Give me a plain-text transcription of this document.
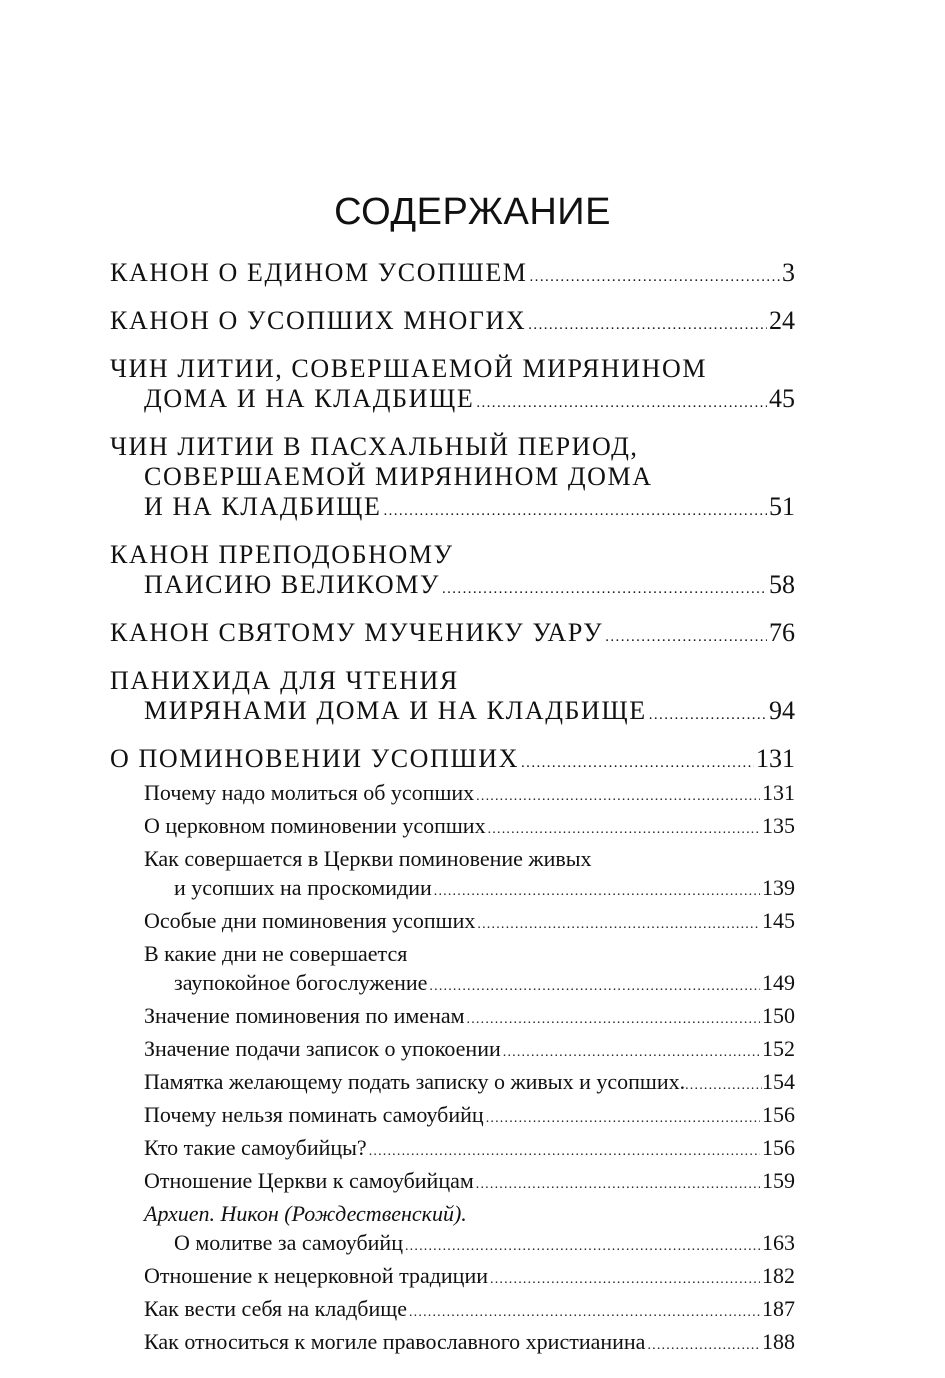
СОДЕРЖАНИЕ
КАНОН О ЕДИНОМ УСОПШЕМ .....	3
КАНОН О УСОПШИХ МНОГИХ .....	24
ЧИН ЛИТИИ, СОВЕРШАЕМОЙ МИРЯНИНОМ
ДОМА И НА КЛАДБИЩЕ .....	45
ЧИН ЛИТИИ В ПАСХАЛЬНЫЙ ПЕРИОД,
СОВЕРШАЕМОЙ МИРЯНИНОМ ДОМА
И НА КЛАДБИЩЕ .....	51
КАНОН ПРЕПОДОБНОМУ
ПАИСИЮ ВЕЛИКОМУ .....	58
КАНОН СВЯТОМУ МУЧЕНИКУ УАРУ .....	76
ПАНИХИДА ДЛЯ ЧТЕНИЯ
МИРЯНАМИ ДОМА И НА КЛАДБИЩЕ .....	94
О ПОМИНОВЕНИИ УСОПШИХ .....	131
Почему надо молиться об усопших .....	131
О церковном поминовении усопших .....	135
Как совершается в Церкви поминовение живых
и усопших на проскомидии .....	139
Особые дни поминовения усопших .....	145
В какие дни не совершается
заупокойное богослужение .....	149
Значение поминовения по именам .....	150
Значение подачи записок о упокоении .....	152
Памятка желающему подать записку о живых и усопших. .....	154
Почему нельзя поминать самоубийц .....	156
Кто такие самоубийцы? .....	156
Отношение Церкви к самоубийцам .....	159
Архиеп. Никон (Рождественский).
О молитве за самоубийц .....	163
Отношение к нецерковной традиции .....	182
Как вести себя на кладбище .....	187
Как относиться к могиле православного христианина .....	188
